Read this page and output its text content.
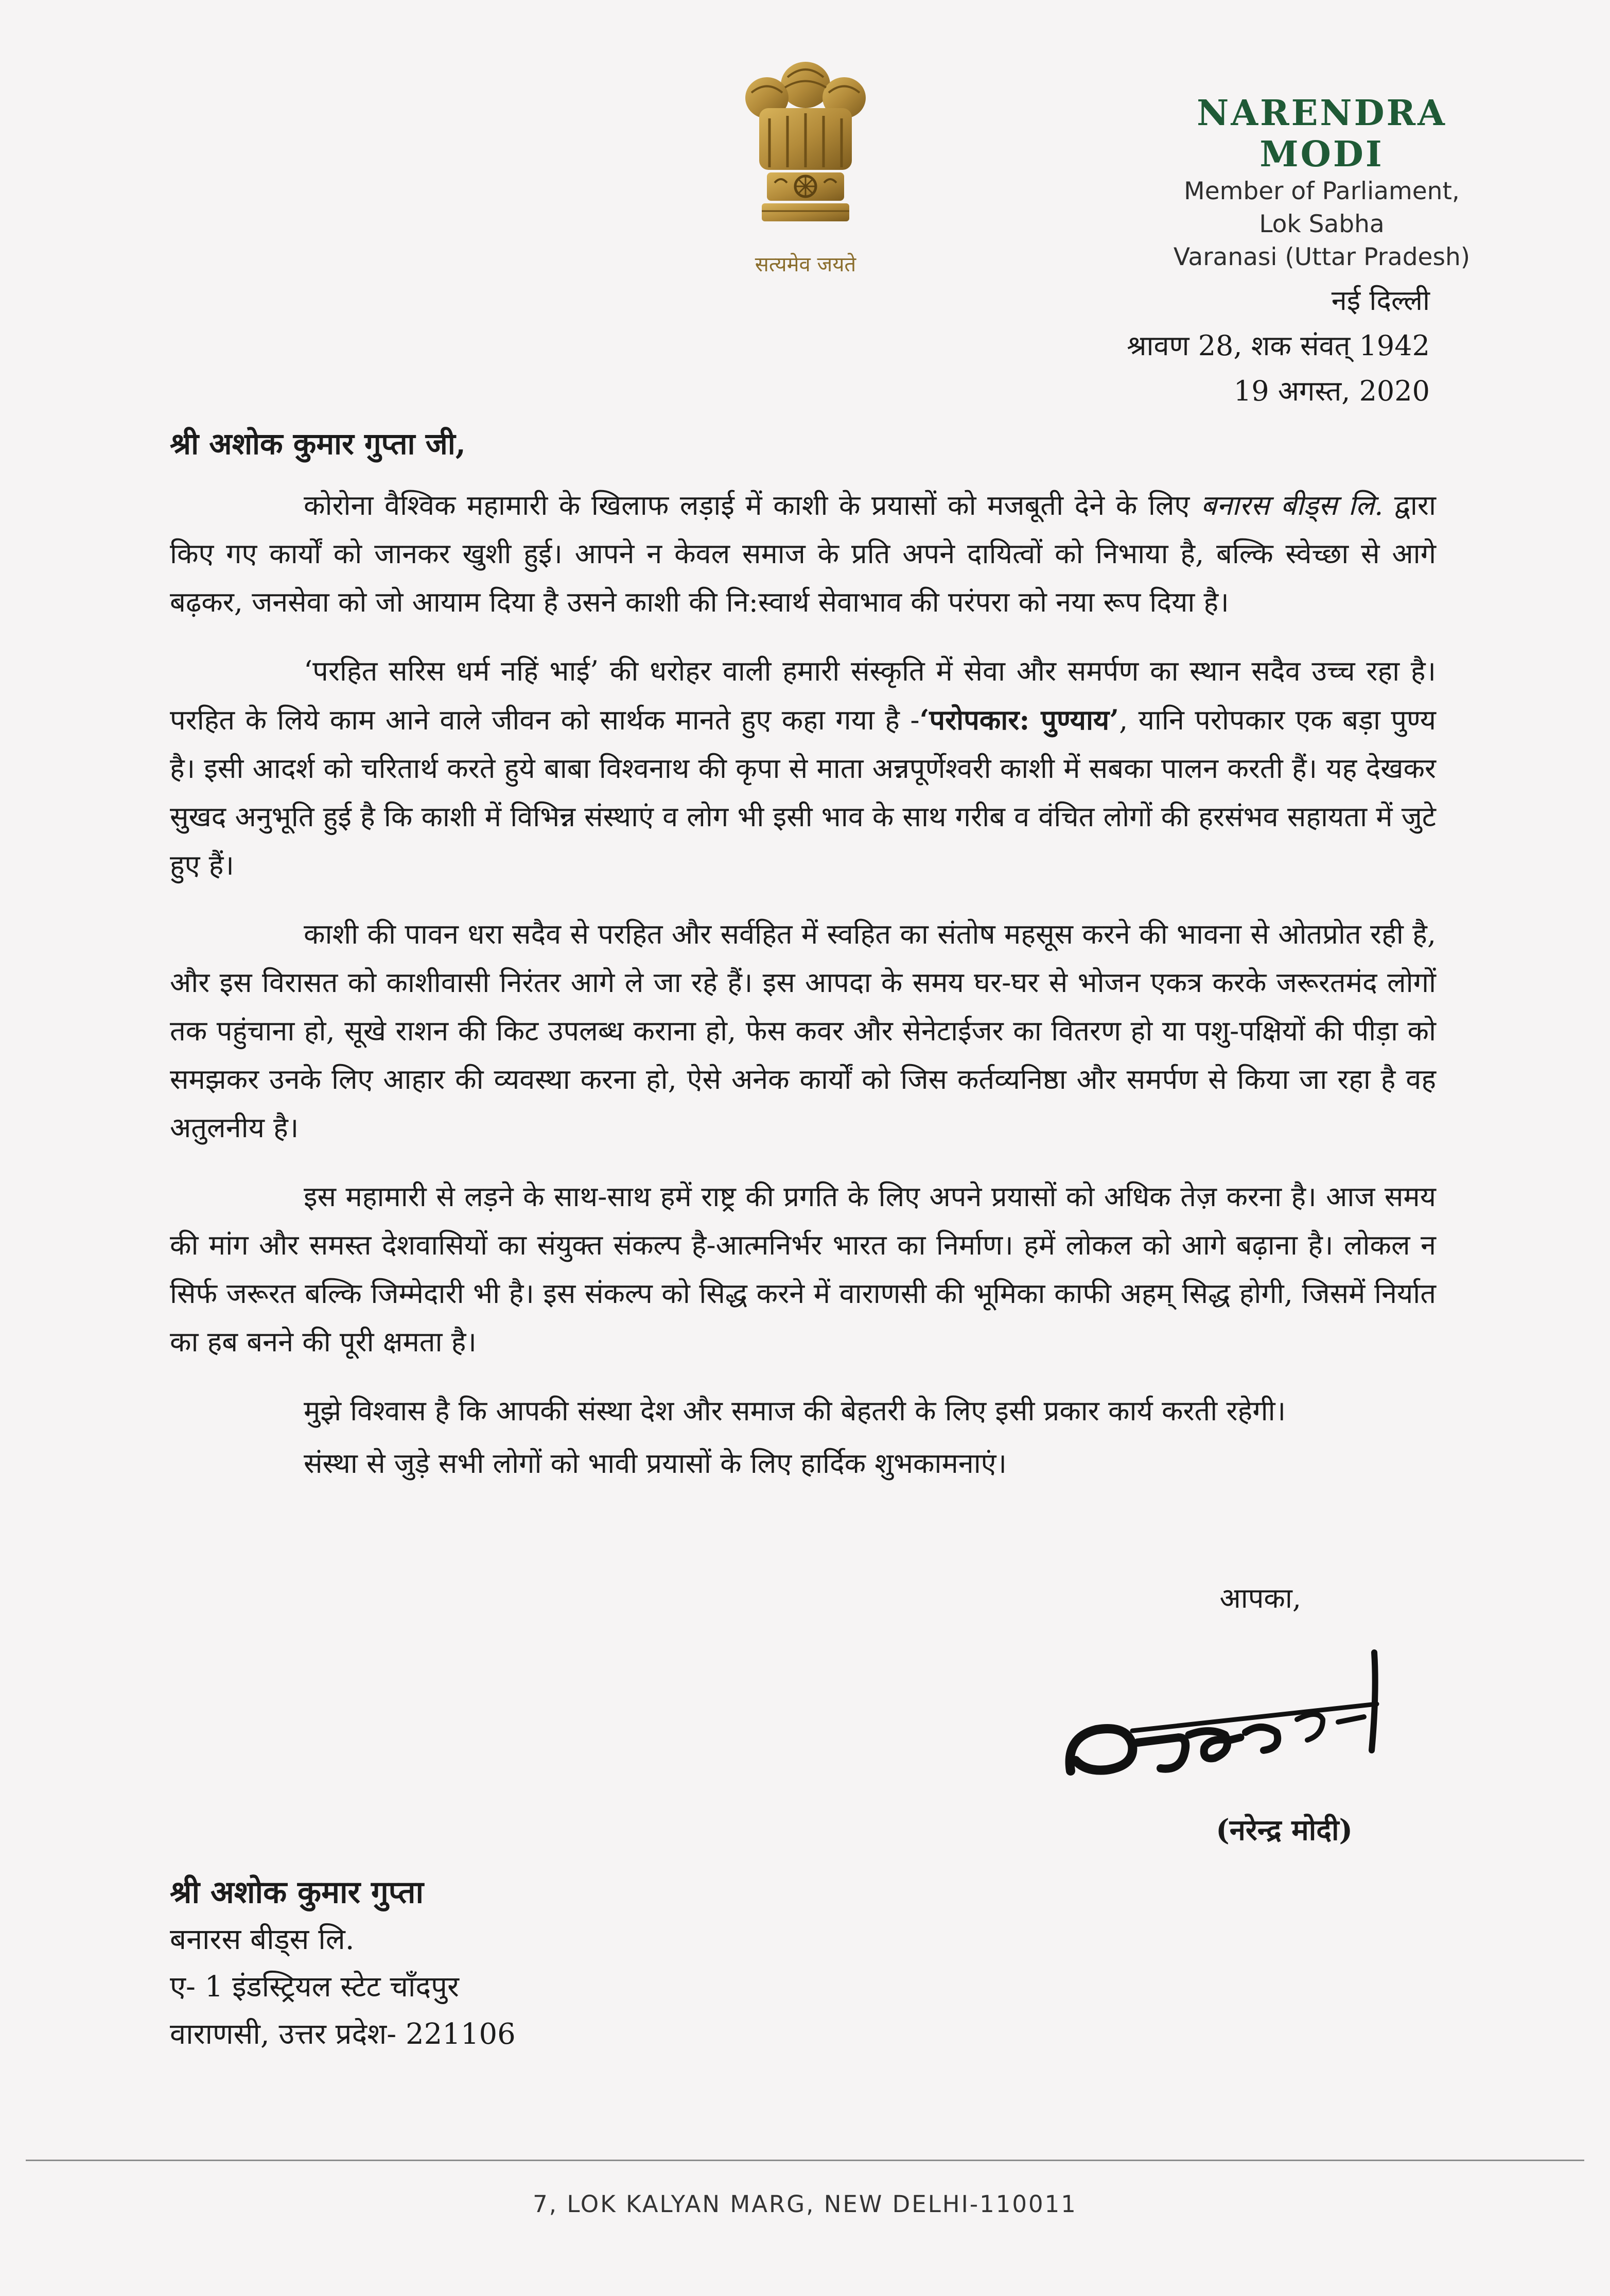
सत्यमेव जयते
NARENDRA MODI
Member of Parliament,
Lok Sabha
Varanasi (Uttar Pradesh)
नई दिल्ली
श्रावण 28, शक संवत् 1942
19 अगस्त, 2020
श्री अशोक कुमार गुप्ता जी,

कोरोना वैश्विक महामारी के खिलाफ लड़ाई में काशी के प्रयासों को मजबूती देने के लिए बनारस बीड्स लि. द्वारा किए गए कार्यों को जानकर खुशी हुई। आपने न केवल समाज के प्रति अपने दायित्वों को निभाया है, बल्कि स्वेच्छा से आगे बढ़कर, जनसेवा को जो आयाम दिया है उसने काशी की नि:स्वार्थ सेवाभाव की परंपरा को नया रूप दिया है।

‘परहित सरिस धर्म नहिं भाई’ की धरोहर वाली हमारी संस्कृति में सेवा और समर्पण का स्थान सदैव उच्च रहा है। परहित के लिये काम आने वाले जीवन को सार्थक मानते हुए कहा गया है -‘परोपकार: पुण्याय’, यानि परोपकार एक बड़ा पुण्य है। इसी आदर्श को चरितार्थ करते हुये बाबा विश्वनाथ की कृपा से माता अन्नपूर्णेश्वरी काशी में सबका पालन करती हैं। यह देखकर सुखद अनुभूति हुई है कि काशी में विभिन्न संस्थाएं व लोग भी इसी भाव के साथ गरीब व वंचित लोगों की हरसंभव सहायता में जुटे हुए हैं।

काशी की पावन धरा सदैव से परहित और सर्वहित में स्वहित का संतोष महसूस करने की भावना से ओतप्रोत रही है, और इस विरासत को काशीवासी निरंतर आगे ले जा रहे हैं। इस आपदा के समय घर-घर से भोजन एकत्र करके जरूरतमंद लोगों तक पहुंचाना हो, सूखे राशन की किट उपलब्ध कराना हो, फेस कवर और सेनेटाईजर का वितरण हो या पशु-पक्षियों की पीड़ा को समझकर उनके लिए आहार की व्यवस्था करना हो, ऐसे अनेक कार्यों को जिस कर्तव्यनिष्ठा और समर्पण से किया जा रहा है वह अतुलनीय है।

इस महामारी से लड़ने के साथ-साथ हमें राष्ट्र की प्रगति के लिए अपने प्रयासों को अधिक तेज़ करना है। आज समय की मांग और समस्त देशवासियों का संयुक्त संकल्प है-आत्मनिर्भर भारत का निर्माण। हमें लोकल को आगे बढ़ाना है। लोकल न सिर्फ जरूरत बल्कि जिम्मेदारी भी है। इस संकल्प को सिद्ध करने में वाराणसी की भूमिका काफी अहम् सिद्ध होगी, जिसमें निर्यात का हब बनने की पूरी क्षमता है।

मुझे विश्वास है कि आपकी संस्था देश और समाज की बेहतरी के लिए इसी प्रकार कार्य करती रहेगी।

संस्था से जुड़े सभी लोगों को भावी प्रयासों के लिए हार्दिक शुभकामनाएं।

आपका,
(नरेन्द्र मोदी)
श्री अशोक कुमार गुप्ता
बनारस बीड्स लि.
ए- 1 इंडस्ट्रियल स्टेट चाँदपुर
वाराणसी, उत्तर प्रदेश- 221106
7, LOK KALYAN MARG, NEW DELHI-110011
